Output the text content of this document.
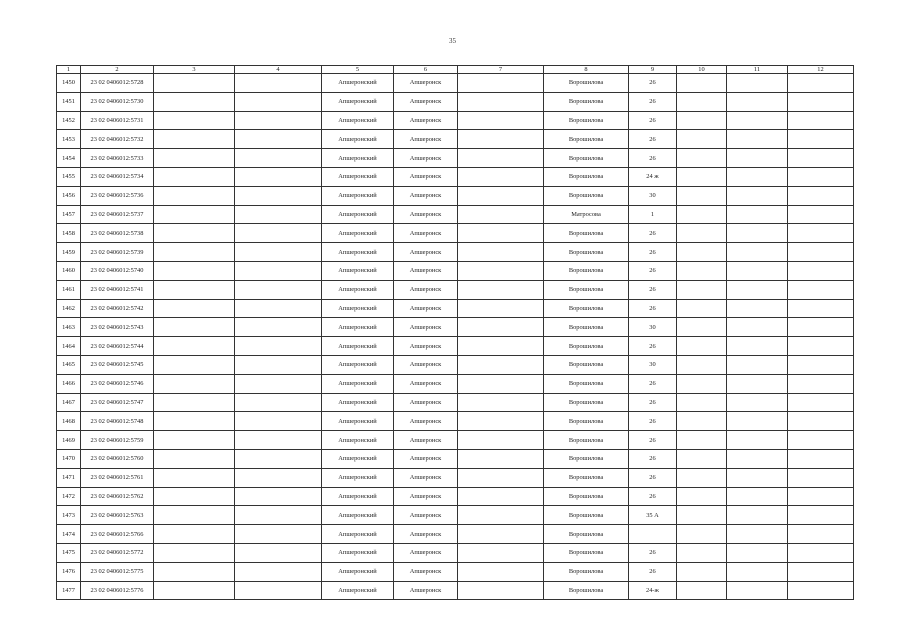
35
1	2	3	4	5	6	7	8	9	10	11	12
1450	23 02 0406012:5728			Апшеронский	Апшеронск		Ворошилова	26			
1451	23 02 0406012:5730			Апшеронский	Апшеронск		Ворошилова	26			
1452	23 02 0406012:5731			Апшеронский	Апшеронск		Ворошилова	26			
1453	23 02 0406012:5732			Апшеронский	Апшеронск		Ворошилова	26			
1454	23 02 0406012:5733			Апшеронский	Апшеронск		Ворошилова	26			
1455	23 02 0406012:5734			Апшеронский	Апшеронск		Ворошилова	24 ж			
1456	23 02 0406012:5736			Апшеронский	Апшеронск		Ворошилова	30			
1457	23 02 0406012:5737			Апшеронский	Апшеронск		Матросова	1			
1458	23 02 0406012:5738			Апшеронский	Апшеронск		Ворошилова	26			
1459	23 02 0406012:5739			Апшеронский	Апшеронск		Ворошилова	26			
1460	23 02 0406012:5740			Апшеронский	Апшеронск		Ворошилова	26			
1461	23 02 0406012:5741			Апшеронский	Апшеронск		Ворошилова	26			
1462	23 02 0406012:5742			Апшеронский	Апшеронск		Ворошилова	26			
1463	23 02 0406012:5743			Апшеронский	Апшеронск		Ворошилова	30			
1464	23 02 0406012:5744			Апшеронский	Апшеронск		Ворошилова	26			
1465	23 02 0406012:5745			Апшеронский	Апшеронск		Ворошилова	30			
1466	23 02 0406012:5746			Апшеронский	Апшеронск		Ворошилова	26			
1467	23 02 0406012:5747			Апшеронский	Апшеронск		Ворошилова	26			
1468	23 02 0406012:5748			Апшеронский	Апшеронск		Ворошилова	26			
1469	23 02 0406012:5759			Апшеронский	Апшеронск		Ворошилова	26			
1470	23 02 0406012:5760			Апшеронский	Апшеронск		Ворошилова	26			
1471	23 02 0406012:5761			Апшеронский	Апшеронск		Ворошилова	26			
1472	23 02 0406012:5762			Апшеронский	Апшеронск		Ворошилова	26			
1473	23 02 0406012:5763			Апшеронский	Апшеронск		Ворошилова	35 А			
1474	23 02 0406012:5766			Апшеронский	Апшеронск		Ворошилова				
1475	23 02 0406012:5772			Апшеронский	Апшеронск		Ворошилова	26			
1476	23 02 0406012:5775			Апшеронский	Апшеронск		Ворошилова	26			
1477	23 02 0406012:5776			Апшеронский	Апшеронск		Ворошилова	24-ж			
